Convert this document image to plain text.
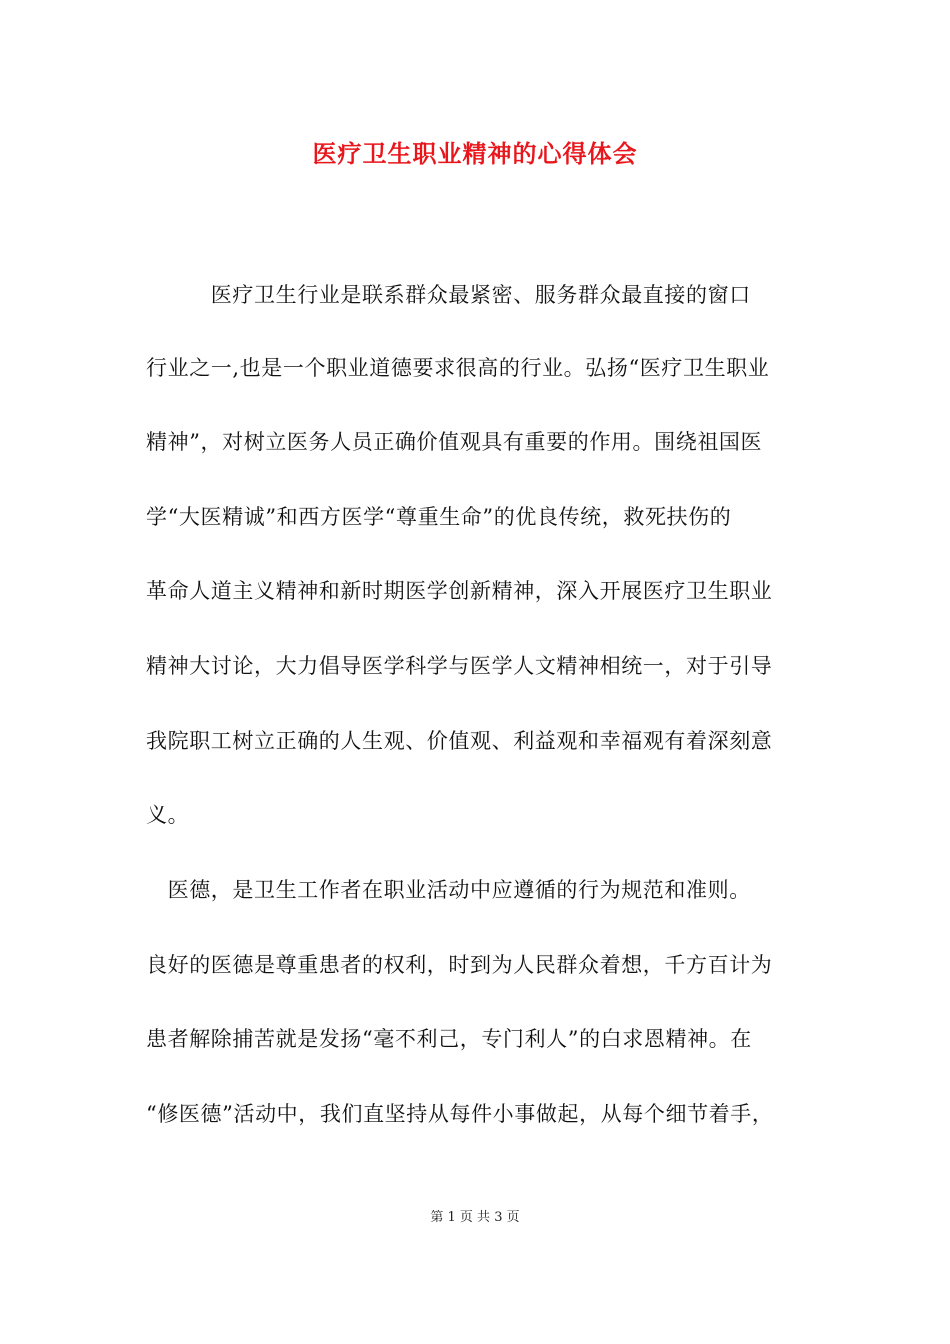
医疗卫生职业精神的心得体会
　　　医疗卫生行业是联系群众最紧密、服务群众最直接的窗口
行业之一,也是一个职业道德要求很高的行业。弘扬“医疗卫生职业
精神”，对树立医务人员正确价值观具有重要的作用。围绕祖国医
学“大医精诚”和西方医学“尊重生命”的优良传统，救死扶伤的
革命人道主义精神和新时期医学创新精神，深入开展医疗卫生职业
精神大讨论，大力倡导医学科学与医学人文精神相统一，对于引导
我院职工树立正确的人生观、价值观、利益观和幸福观有着深刻意
义。
　医德，是卫生工作者在职业活动中应遵循的行为规范和准则。
良好的医德是尊重患者的权利，时到为人民群众着想，千方百计为
患者解除捕苦就是发扬“毫不利己，专门利人”的白求恩精神。在
“修医德”活动中，我们直坚持从每件小事做起，从每个细节着手，
第 1 页 共 3 页
